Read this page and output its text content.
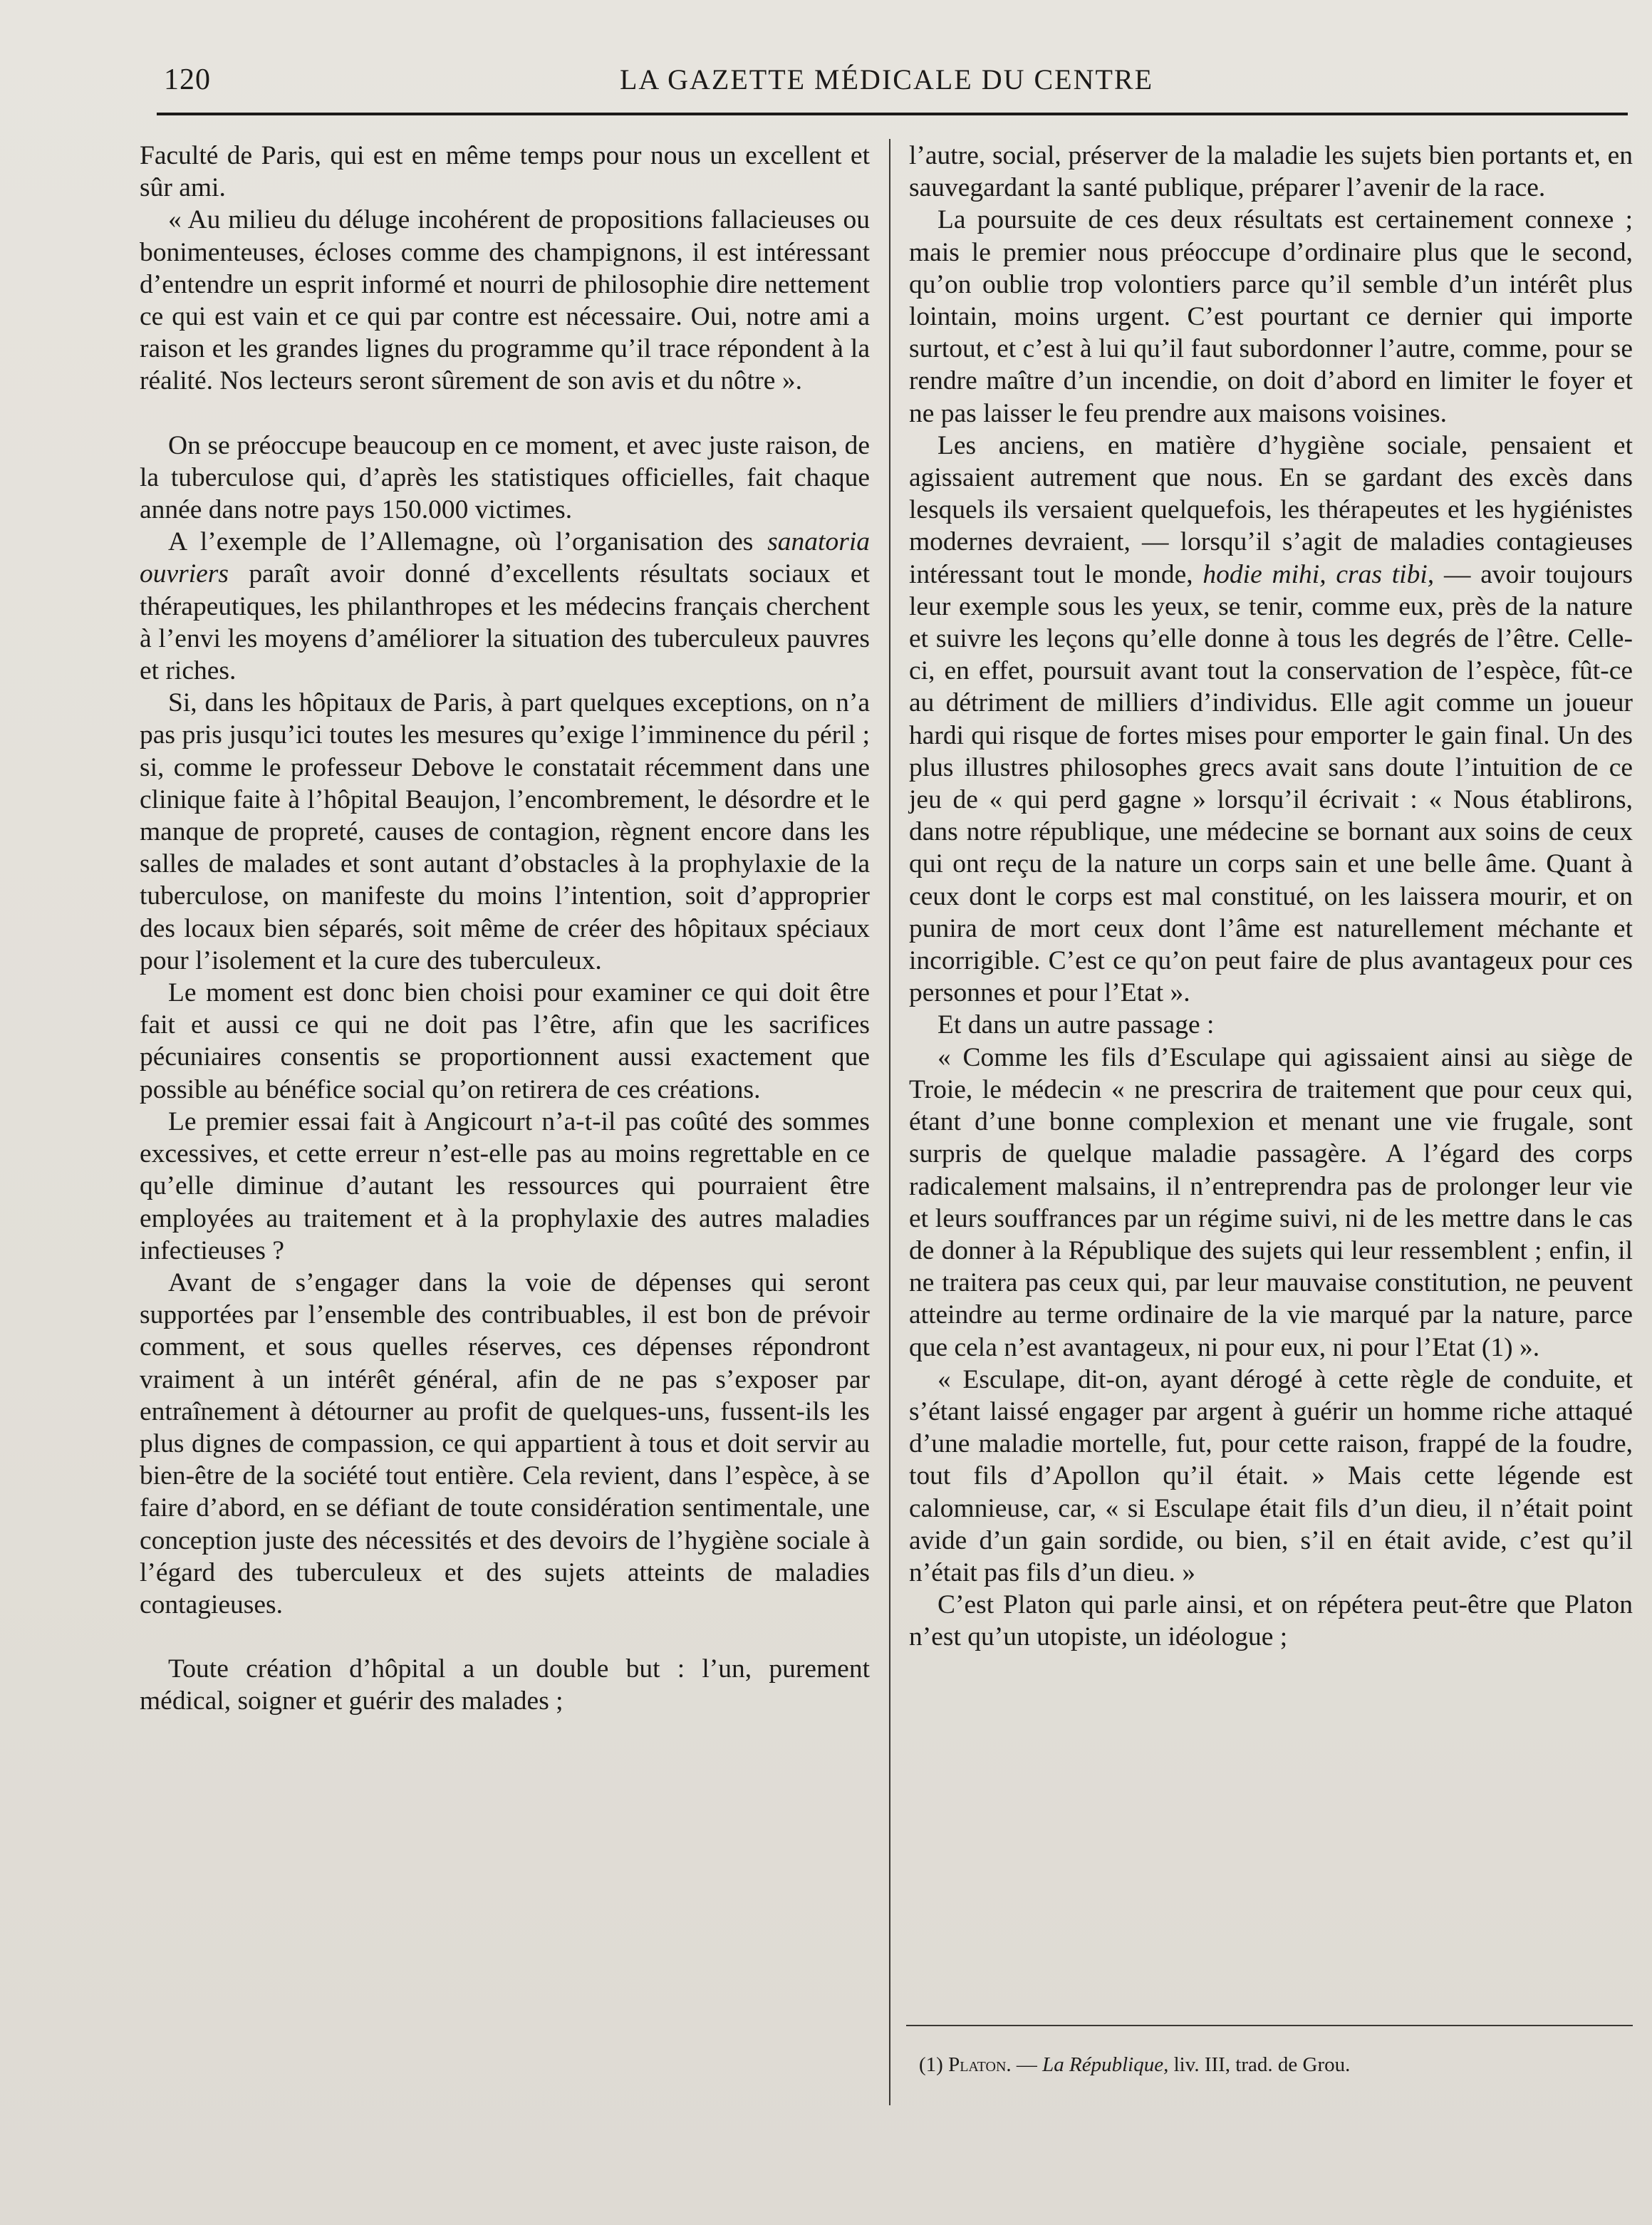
120	LA GAZETTE MÉDICALE DU CENTRE

Faculté de Paris, qui est en même temps pour nous un excellent et sûr ami.

« Au milieu du déluge incohérent de propositions fallacieuses ou bonimenteuses, écloses comme des champignons, il est intéressant d’entendre un esprit informé et nourri de philosophie dire nettement ce qui est vain et ce qui par contre est nécessaire. Oui, notre ami a raison et les grandes lignes du programme qu’il trace répondent à la réalité. Nos lecteurs seront sûrement de son avis et du nôtre ».

On se préoccupe beaucoup en ce moment, et avec juste raison, de la tuberculose qui, d’après les statistiques officielles, fait chaque année dans notre pays 150.000 victimes.

A l’exemple de l’Allemagne, où l’organisation des sanatoria ouvriers paraît avoir donné d’excellents résultats sociaux et thérapeutiques, les philanthropes et les médecins français cherchent à l’envi les moyens d’améliorer la situation des tuberculeux pauvres et riches.

Si, dans les hôpitaux de Paris, à part quelques exceptions, on n’a pas pris jusqu’ici toutes les mesures qu’exige l’imminence du péril ; si, comme le professeur Debove le constatait récemment dans une clinique faite à l’hôpital Beaujon, l’encombrement, le désordre et le manque de propreté, causes de contagion, règnent encore dans les salles de malades et sont autant d’obstacles à la prophylaxie de la tuberculose, on manifeste du moins l’intention, soit d’approprier des locaux bien séparés, soit même de créer des hôpitaux spéciaux pour l’isolement et la cure des tuberculeux.

Le moment est donc bien choisi pour examiner ce qui doit être fait et aussi ce qui ne doit pas l’être, afin que les sacrifices pécuniaires consentis se proportionnent aussi exactement que possible au bénéfice social qu’on retirera de ces créations.

Le premier essai fait à Angicourt n’a-t-il pas coûté des sommes excessives, et cette erreur n’est-elle pas au moins regrettable en ce qu’elle diminue d’autant les ressources qui pourraient être employées au traitement et à la prophylaxie des autres maladies infectieuses ?

Avant de s’engager dans la voie de dépenses qui seront supportées par l’ensemble des contribuables, il est bon de prévoir comment, et sous quelles réserves, ces dépenses répondront vraiment à un intérêt général, afin de ne pas s’exposer par entraînement à détourner au profit de quelques-uns, fussent-ils les plus dignes de compassion, ce qui appartient à tous et doit servir au bien-être de la société tout entière. Cela revient, dans l’espèce, à se faire d’abord, en se défiant de toute considération sentimentale, une conception juste des nécessités et des devoirs de l’hygiène sociale à l’égard des tuberculeux et des sujets atteints de maladies contagieuses.

Toute création d’hôpital a un double but : l’un, purement médical, soigner et guérir des malades ;

l’autre, social, préserver de la maladie les sujets bien portants et, en sauvegardant la santé publique, préparer l’avenir de la race.

La poursuite de ces deux résultats est certainement connexe ; mais le premier nous préoccupe d’ordinaire plus que le second, qu’on oublie trop volontiers parce qu’il semble d’un intérêt plus lointain, moins urgent. C’est pourtant ce dernier qui importe surtout, et c’est à lui qu’il faut subordonner l’autre, comme, pour se rendre maître d’un incendie, on doit d’abord en limiter le foyer et ne pas laisser le feu prendre aux maisons voisines.

Les anciens, en matière d’hygiène sociale, pensaient et agissaient autrement que nous. En se gardant des excès dans lesquels ils versaient quelquefois, les thérapeutes et les hygiénistes modernes devraient, — lorsqu’il s’agit de maladies contagieuses intéressant tout le monde, hodie mihi, cras tibi, — avoir toujours leur exemple sous les yeux, se tenir, comme eux, près de la nature et suivre les leçons qu’elle donne à tous les degrés de l’être. Celle-ci, en effet, poursuit avant tout la conservation de l’espèce, fût-ce au détriment de milliers d’individus. Elle agit comme un joueur hardi qui risque de fortes mises pour emporter le gain final. Un des plus illustres philosophes grecs avait sans doute l’intuition de ce jeu de « qui perd gagne » lorsqu’il écrivait : « Nous établirons, dans notre république, une médecine se bornant aux soins de ceux qui ont reçu de la nature un corps sain et une belle âme. Quant à ceux dont le corps est mal constitué, on les laissera mourir, et on punira de mort ceux dont l’âme est naturellement méchante et incorrigible. C’est ce qu’on peut faire de plus avantageux pour ces personnes et pour l’Etat ».

Et dans un autre passage :

« Comme les fils d’Esculape qui agissaient ainsi au siège de Troie, le médecin « ne prescrira de traitement que pour ceux qui, étant d’une bonne complexion et menant une vie frugale, sont surpris de quelque maladie passagère. A l’égard des corps radicalement malsains, il n’entreprendra pas de prolonger leur vie et leurs souffrances par un régime suivi, ni de les mettre dans le cas de donner à la République des sujets qui leur ressemblent ; enfin, il ne traitera pas ceux qui, par leur mauvaise constitution, ne peuvent atteindre au terme ordinaire de la vie marqué par la nature, parce que cela n’est avantageux, ni pour eux, ni pour l’Etat (1) ».

« Esculape, dit-on, ayant dérogé à cette règle de conduite, et s’étant laissé engager par argent à guérir un homme riche attaqué d’une maladie mortelle, fut, pour cette raison, frappé de la foudre, tout fils d’Apollon qu’il était. » Mais cette légende est calomnieuse, car, « si Esculape était fils d’un dieu, il n’était point avide d’un gain sordide, ou bien, s’il en était avide, c’est qu’il n’était pas fils d’un dieu. »

C’est Platon qui parle ainsi, et on répétera peut-être que Platon n’est qu’un utopiste, un idéologue ;

(1) Platon. — La République, liv. III, trad. de Grou.
